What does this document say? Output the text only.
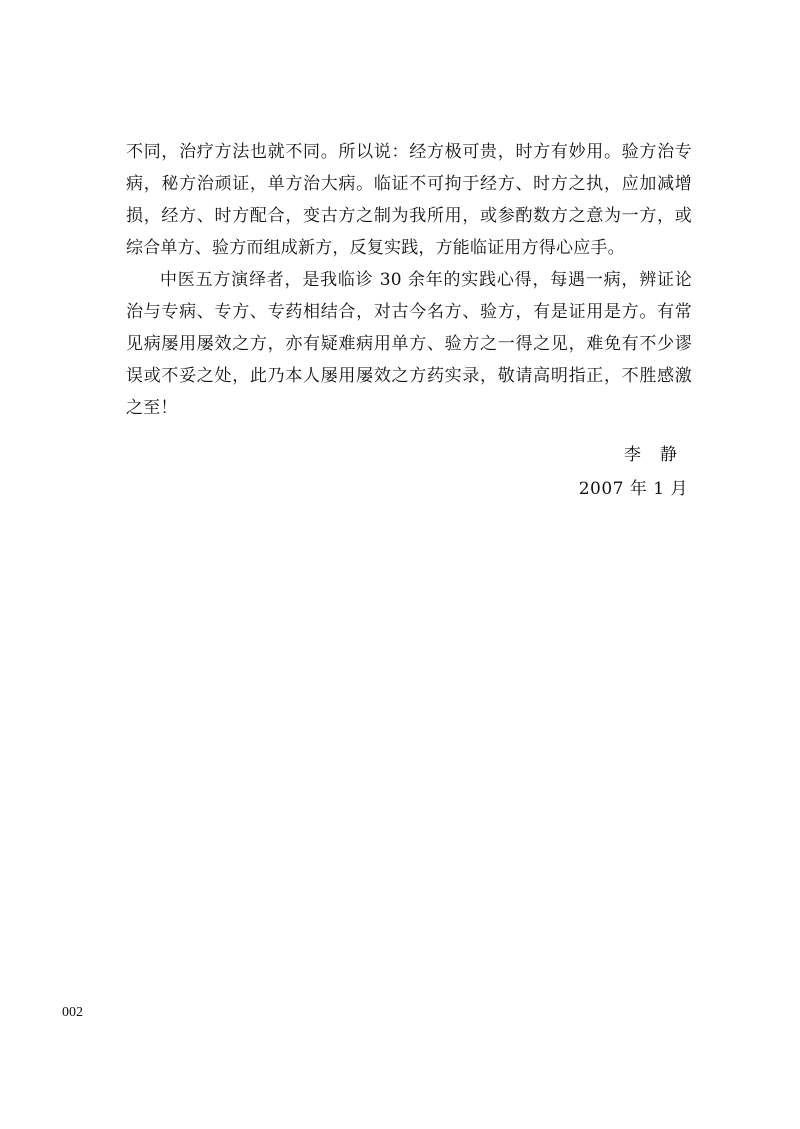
不同，治疗方法也就不同。所以说：经方极可贵，时方有妙用。验方治专病，秘方治顽证，单方治大病。临证不可拘于经方、时方之执，应加减增损，经方、时方配合，变古方之制为我所用，或参酌数方之意为一方，或综合单方、验方而组成新方，反复实践，方能临证用方得心应手。

中医五方演绎者，是我临诊 30 余年的实践心得，每遇一病，辨证论治与专病、专方、专药相结合，对古今名方、验方，有是证用是方。有常见病屡用屡效之方，亦有疑难病用单方、验方之一得之见，难免有不少谬误或不妥之处，此乃本人屡用屡效之方药实录，敬请高明指正，不胜感激之至！

李　静
2007 年 1 月
002
